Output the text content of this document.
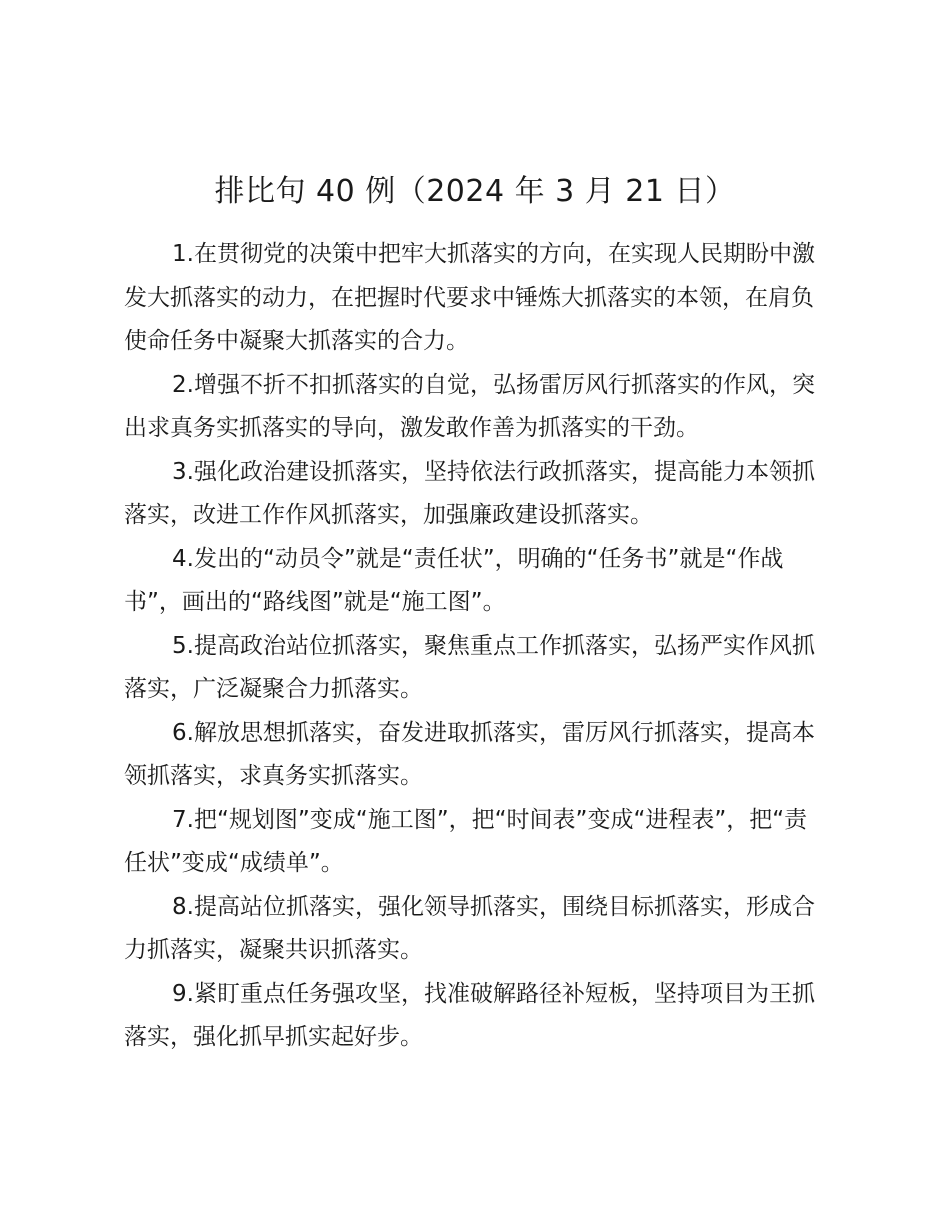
排比句 40 例（2024 年 3 月 21 日）

1.在贯彻党的决策中把牢大抓落实的方向，在实现人民期盼中激发大抓落实的动力，在把握时代要求中锤炼大抓落实的本领，在肩负使命任务中凝聚大抓落实的合力。

2.增强不折不扣抓落实的自觉，弘扬雷厉风行抓落实的作风，突出求真务实抓落实的导向，激发敢作善为抓落实的干劲。

3.强化政治建设抓落实，坚持依法行政抓落实，提高能力本领抓落实，改进工作作风抓落实，加强廉政建设抓落实。

4.发出的“动员令”就是“责任状”，明确的“任务书”就是“作战书”，画出的“路线图”就是“施工图”。

5.提高政治站位抓落实，聚焦重点工作抓落实，弘扬严实作风抓落实，广泛凝聚合力抓落实。

6.解放思想抓落实，奋发进取抓落实，雷厉风行抓落实，提高本领抓落实，求真务实抓落实。

7.把“规划图”变成“施工图”，把“时间表”变成“进程表”，把“责任状”变成“成绩单”。

8.提高站位抓落实，强化领导抓落实，围绕目标抓落实，形成合力抓落实，凝聚共识抓落实。

9.紧盯重点任务强攻坚，找准破解路径补短板，坚持项目为王抓落实，强化抓早抓实起好步。
